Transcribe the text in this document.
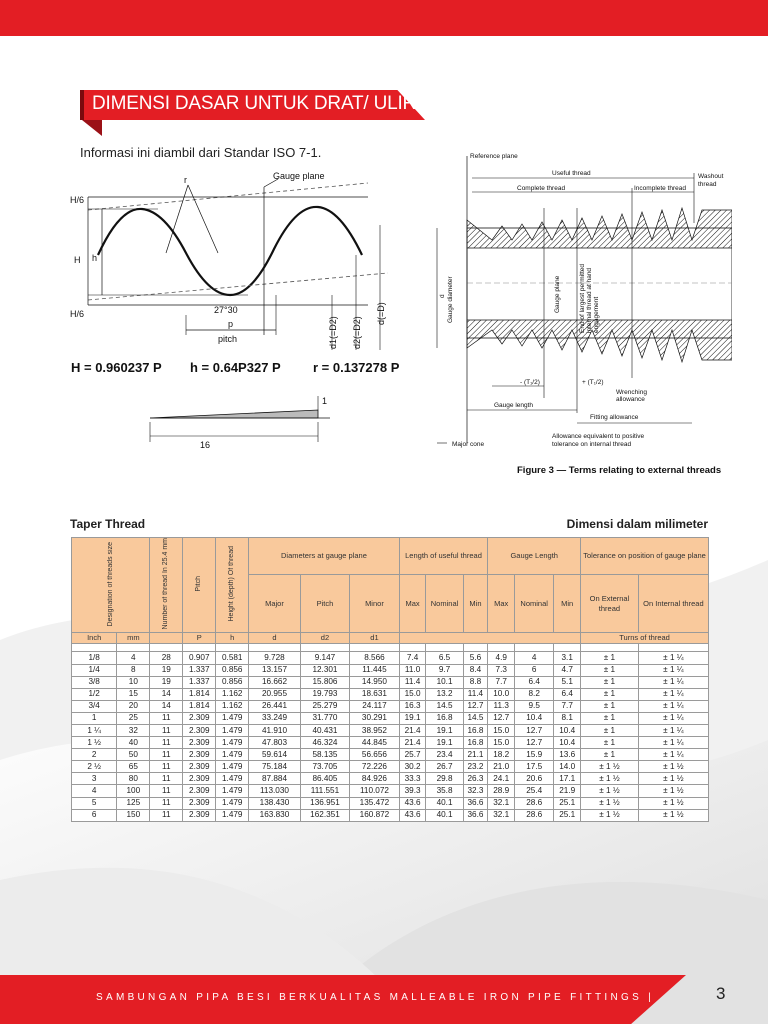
DIMENSI DASAR UNTUK DRAT/ ULIR
Informasi ini diambil dari Standar ISO 7-1.
H/6
H/6
H h
r	Gauge plane
27°30
p
pitch	d1(=D2) d2(=D2)
d(=D)
H = 0.960237 P h = 0.64P327 P r = 0.137278 P
16
1
Reference plane
Useful thread
Complete thread	Incomplete thread
Washout
thread
Gauge plane	End of largest permitted internal thread at hand engagement
d Gauge diameter
- (T₁/2)	+ (T₁/2)
Wrenching
allowance
Gauge length
Fitting allowance
Major cone
Allowance equivalent to positive
tolerance on internal thread
Figure 3 — Terms relating to external threads
Taper Thread	Dimensi dalam milimeter
Designation of threads size		Number of thread In 25.4 mm	Pitch	Height (depth) Of thread	Diameters at gauge plane			Length of useful thread			Gauge Length			Tolerance on position of gauge plane	
					Major	Pitch	Minor	Max	Nominal	Min	Max	Nominal	Min	On External thread	On Internal thread
Inch	mm		P	h	d	d2	d1							Turns of thread	

1/8	4	28	0.907	0.581	9.728	9.147	8.566	7.4	6.5	5.6	4.9	4	3.1	± 1	± 1 ¼
1/4	8	19	1.337	0.856	13.157	12.301	11.445	11.0	9.7	8.4	7.3	6	4.7	± 1	± 1 ¼
3/8	10	19	1.337	0.856	16.662	15.806	14.950	11.4	10.1	8.8	7.7	6.4	5.1	± 1	± 1 ¼
1/2	15	14	1.814	1.162	20.955	19.793	18.631	15.0	13.2	11.4	10.0	8.2	6.4	± 1	± 1 ¼
3/4	20	14	1.814	1.162	26.441	25.279	24.117	16.3	14.5	12.7	11.3	9.5	7.7	± 1	± 1 ¼
1	25	11	2.309	1.479	33.249	31.770	30.291	19.1	16.8	14.5	12.7	10.4	8.1	± 1	± 1 ¼
1 ¼	32	11	2.309	1.479	41.910	40.431	38.952	21.4	19.1	16.8	15.0	12.7	10.4	± 1	± 1 ¼
1 ½	40	11	2.309	1.479	47.803	46.324	44.845	21.4	19.1	16.8	15.0	12.7	10.4	± 1	± 1 ¼
2	50	11	2.309	1.479	59.614	58.135	56.656	25.7	23.4	21.1	18.2	15.9	13.6	± 1	± 1 ¼
2 ½	65	11	2.309	1.479	75.184	73.705	72.226	30.2	26.7	23.2	21.0	17.5	14.0	± 1 ½	± 1 ½
3	80	11	2.309	1.479	87.884	86.405	84.926	33.3	29.8	26.3	24.1	20.6	17.1	± 1 ½	± 1 ½
4	100	11	2.309	1.479	113.030	111.551	110.072	39.3	35.8	32.3	28.9	25.4	21.9	± 1 ½	± 1 ½
5	125	11	2.309	1.479	138.430	136.951	135.472	43.6	40.1	36.6	32.1	28.6	25.1	± 1 ½	± 1 ½
6	150	11	2.309	1.479	163.830	162.351	160.872	43.6	40.1	36.6	32.1	28.6	25.1	± 1 ½	± 1 ½
SAMBUNGAN PIPA BESI BERKUALITAS MALLEABLE IRON PIPE FITTINGS |	3
